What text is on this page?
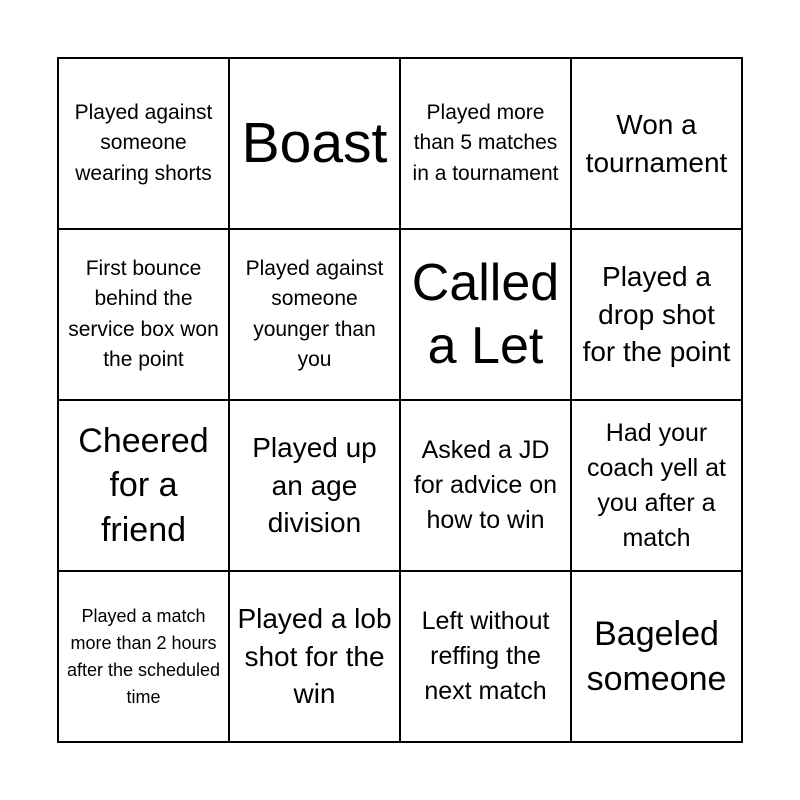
Played against someone wearing shorts Boast	Played more than 5 matches in a tournament
Won a tournament
First bounce behind the service box won the point
Played against someone younger than you
Called a Let
Played a drop shot for the point
Cheered for a friend
Played up an age division
Asked a JD for advice on how to win
Had your coach yell at you after a match
Played a match more than 2 hours after the scheduled time
Played a lob shot for the win
Left without reffing the next match
Bageled someone
